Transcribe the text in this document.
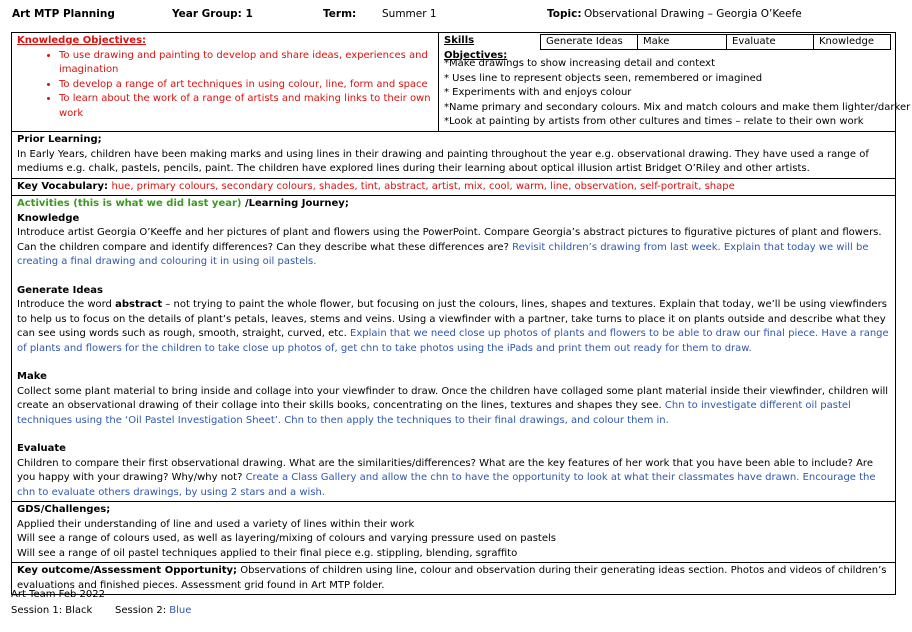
Art MTP Planning	Year Group: 1	Term: Summer 1	Topic: Observational Drawing – Georgia O’Keefe
Knowledge Objectives:
• To use drawing and painting to develop and share ideas, experiences and imagination
• To develop a range of art techniques in using colour, line, form and space
• To learn about the work of a range of artists and making links to their own work

Skills Objectives:
Generate Ideas	Make	Evaluate	Knowledge
*Make drawings to show increasing detail and context
* Uses line to represent objects seen, remembered or imagined
* Experiments with and enjoys colour
*Name primary and secondary colours. Mix and match colours and make them lighter/darker
*Look at painting by artists from other cultures and times – relate to their own work

Prior Learning;

In Early Years, children have been making marks and using lines in their drawing and painting throughout the year e.g. observational drawing. They have used a range of mediums e.g. chalk, pastels, pencils, paint. The children have explored lines during their learning about optical illusion artist Bridget O’Riley and other artists.

Key Vocabulary: hue, primary colours, secondary colours, shades, tint, abstract, artist, mix, cool, warm, line, observation, self-portrait, shape

Activities (this is what we did last year) /Learning Journey;
Knowledge

Introduce artist Georgia O’Keeffe and her pictures of plant and flowers using the PowerPoint. Compare Georgia’s abstract pictures to figurative pictures of plant and flowers. Can the children compare and identify differences? Can they describe what these differences are? Revisit children’s drawing from last week. Explain that today we will be creating a final drawing and colouring it in using oil pastels.

Generate Ideas

Introduce the word abstract – not trying to paint the whole flower, but focusing on just the colours, lines, shapes and textures. Explain that today, we’ll be using viewfinders to help us to focus on the details of plant’s petals, leaves, stems and veins. Using a viewfinder with a partner, take turns to place it on plants outside and describe what they can see using words such as rough, smooth, straight, curved, etc. Explain that we need close up photos of plants and flowers to be able to draw our final piece. Have a range of plants and flowers for the children to take close up photos of, get chn to take photos using the iPads and print them out ready for them to draw.

Make

Collect some plant material to bring inside and collage into your viewfinder to draw. Once the children have collaged some plant material inside their viewfinder, children will create an observational drawing of their collage into their skills books, concentrating on the lines, textures and shapes they see. Chn to investigate different oil pastel techniques using the ‘Oil Pastel Investigation Sheet’. Chn to then apply the techniques to their final drawings, and colour them in.

Evaluate

Children to compare their first observational drawing. What are the similarities/differences? What are the key features of her work that you have been able to include? Are you happy with your drawing? Why/why not? Create a Class Gallery and allow the chn to have the opportunity to look at what their classmates have drawn. Encourage the chn to evaluate others drawings, by using 2 stars and a wish.

GDS/Challenges;
Applied their understanding of line and used a variety of lines within their work
Will see a range of colours used, as well as layering/mixing of colours and varying pressure used on pastels
Will see a range of oil pastel techniques applied to their final piece e.g. stippling, blending, sgraffito

Key outcome/Assessment Opportunity; Observations of children using line, colour and observation during their generating ideas section. Photos and videos of children’s evaluations and finished pieces. Assessment grid found in Art MTP folder.

Art Team Feb 2022
Session 1: Black Session 2: Blue
